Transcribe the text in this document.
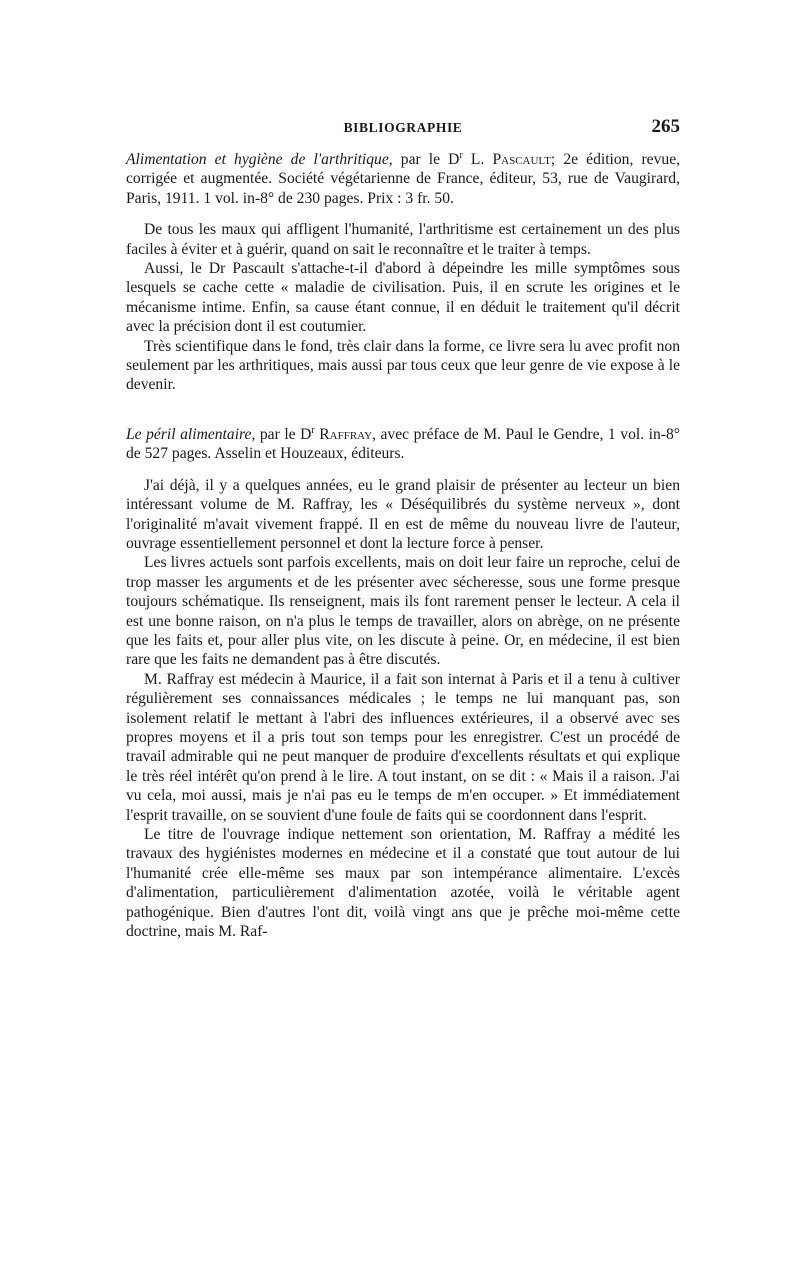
BIBLIOGRAPHIE	265

Alimentation et hygiène de l'arthritique, par le $D^r$ L. Pascault; 2e édition, revue, corrigée et augmentée. Société végétarienne de France, éditeur, 53, rue de Vaugirard, Paris, 1911. 1 vol. in-8° de 230 pages. Prix : 3 fr. 50.

De tous les maux qui affligent l'humanité, l'arthritisme est certainement un des plus faciles à éviter et à guérir, quand on sait le reconnaître et le traiter à temps.

Aussi, le Dr Pascault s'attache-t-il d'abord à dépeindre les mille symptômes sous lesquels se cache cette « maladie de civilisation. Puis, il en scrute les origines et le mécanisme intime. Enfin, sa cause étant connue, il en déduit le traitement qu'il décrit avec la précision dont il est coutumier.

Très scientifique dans le fond, très clair dans la forme, ce livre sera lu avec profit non seulement par les arthritiques, mais aussi par tous ceux que leur genre de vie expose à le devenir.

Le péril alimentaire, par le $D^r$ Raffray, avec préface de M. Paul le Gendre, 1 vol. in-8° de 527 pages. Asselin et Houzeaux, éditeurs.

J'ai déjà, il y a quelques années, eu le grand plaisir de présenter au lecteur un bien intéressant volume de M. Raffray, les « Déséquilibrés du système nerveux », dont l'originalité m'avait vivement frappé. Il en est de même du nouveau livre de l'auteur, ouvrage essentiellement personnel et dont la lecture force à penser.

Les livres actuels sont parfois excellents, mais on doit leur faire un reproche, celui de trop masser les arguments et de les présenter avec sécheresse, sous une forme presque toujours schématique. Ils renseignent, mais ils font rarement penser le lecteur. A cela il est une bonne raison, on n'a plus le temps de travailler, alors on abrège, on ne présente que les faits et, pour aller plus vite, on les discute à peine. Or, en médecine, il est bien rare que les faits ne demandent pas à être discutés.

M. Raffray est médecin à Maurice, il a fait son internat à Paris et il a tenu à cultiver régulièrement ses connaissances médicales ; le temps ne lui manquant pas, son isolement relatif le mettant à l'abri des influences extérieures, il a observé avec ses propres moyens et il a pris tout son temps pour les enregistrer. C'est un procédé de travail admirable qui ne peut manquer de produire d'excellents résultats et qui explique le très réel intérêt qu'on prend à le lire. A tout instant, on se dit : « Mais il a raison. J'ai vu cela, moi aussi, mais je n'ai pas eu le temps de m'en occuper. » Et immédiatement l'esprit travaille, on se souvient d'une foule de faits qui se coordonnent dans l'esprit.

Le titre de l'ouvrage indique nettement son orientation, M. Raffray a médité les travaux des hygiénistes modernes en médecine et il a constaté que tout autour de lui l'humanité crée elle-même ses maux par son intempérance alimentaire. L'excès d'alimentation, particulièrement d'alimentation azotée, voilà le véritable agent pathogénique. Bien d'autres l'ont dit, voilà vingt ans que je prêche moi-même cette doctrine, mais M. Raf-
